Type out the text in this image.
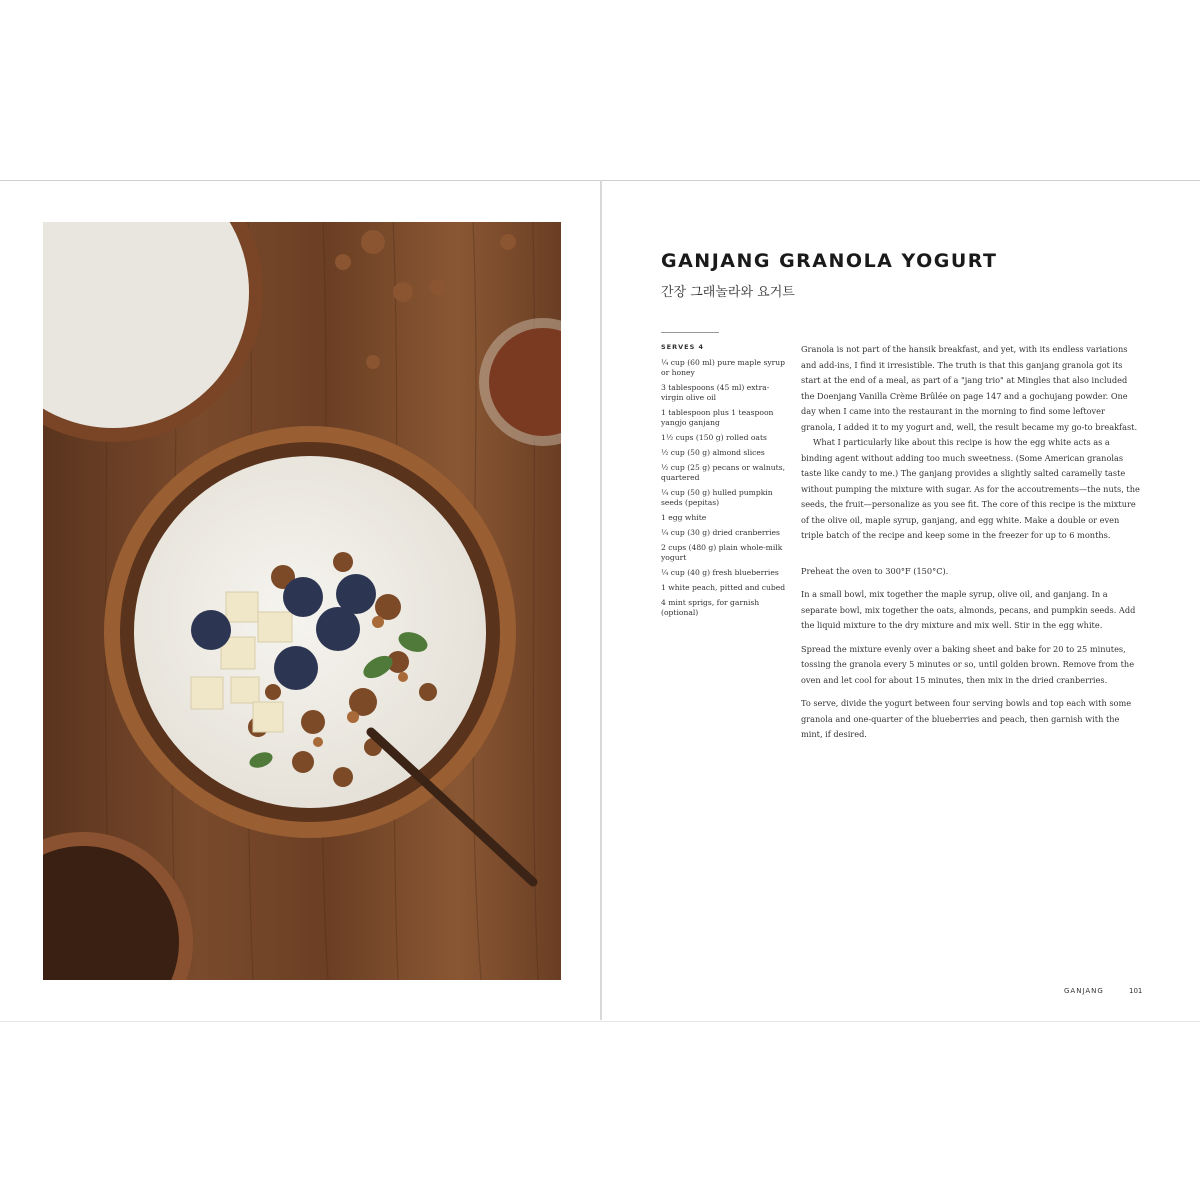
GANJANG GRANOLA YOGURT
간장 그래놀라와 요거트
SERVES 4
¼ cup (60 ml) pure maple syrup or honey
3 tablespoons (45 ml) extra-virgin olive oil
1 tablespoon plus 1 teaspoon yangjo ganjang
1½ cups (150 g) rolled oats
½ cup (50 g) almond slices
½ cup (25 g) pecans or walnuts, quartered
¼ cup (50 g) hulled pumpkin seeds (pepitas)
1 egg white
¼ cup (30 g) dried cranberries
2 cups (480 g) plain whole-milk yogurt
¼ cup (40 g) fresh blueberries
1 white peach, pitted and cubed
4 mint sprigs, for garnish (optional)

Granola is not part of the hansik breakfast, and yet, with its endless variations and add-ins, I find it irresistible. The truth is that this ganjang granola got its start at the end of a meal, as part of a "jang trio" at Mingles that also included the Doenjang Vanilla Crème Brûlée on page 147 and a gochujang powder. One day when I came into the restaurant in the morning to find some leftover granola, I added it to my yogurt and, well, the result became my go-to breakfast.

What I particularly like about this recipe is how the egg white acts as a binding agent without adding too much sweetness. (Some American granolas taste like candy to me.) The ganjang provides a slightly salted caramelly taste without pumping the mixture with sugar. As for the accoutrements—the nuts, the seeds, the fruit—personalize as you see fit. The core of this recipe is the mixture of the olive oil, maple syrup, ganjang, and egg white. Make a double or even triple batch of the recipe and keep some in the freezer for up to 6 months.

Preheat the oven to 300°F (150°C).

In a small bowl, mix together the maple syrup, olive oil, and ganjang. In a separate bowl, mix together the oats, almonds, pecans, and pumpkin seeds. Add the liquid mixture to the dry mixture and mix well. Stir in the egg white.

Spread the mixture evenly over a baking sheet and bake for 20 to 25 minutes, tossing the granola every 5 minutes or so, until golden brown. Remove from the oven and let cool for about 15 minutes, then mix in the dried cranberries.

To serve, divide the yogurt between four serving bowls and top each with some granola and one-quarter of the blueberries and peach, then garnish with the mint, if desired.

GANJANG	101
